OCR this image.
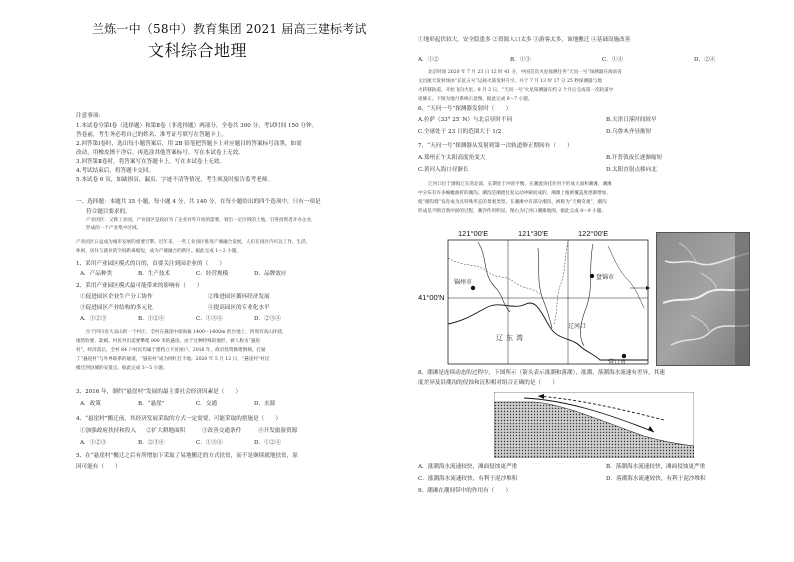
兰炼一中（58中）教育集团 2021 届高三建标考试
文科综合地理
注意事项：
1.本试卷分第Ⅰ卷（选择题）和第Ⅱ卷（非选择题）两部分，全卷共 300 分，考试时间 150 分钟。
答卷前，考生务必将自己的姓名、准考证号填写在答题卡上。
2.回答第Ⅰ卷时，选出每小题答案后，用 2B 铅笔把答题卡上对应题目的答案标号涂黑，如需
改动，用橡皮擦干净后，再选涂其他答案标号。写在本试卷上无效。
3.回答第Ⅱ卷时，将答案写在答题卡上，写在本试卷上无效。
4.考试结束后，将答题卡交回。
5.本试卷 6 页，如缺损页、漏页、字迹不清等情况，考生须及时报告监考老师。
一、选择题：本题共 35 小题，每小题 4 分，共 140 分。在每小题给出的四个选项中，只有一项是
符合题目要求的。
产业园区：又称工业园，产业园区是政府为了企业对外开放的需要，划出一定区域的土地，引进投资者开办企业，
形成的一个产业集中区域。
产业园区日益成为城市发展的重要引擎。近年来，一些工业园区推进产城融合发展，人们在园区内可以工作、生活、
休闲，居住与就业的空间距离缩短，成为产城融合的新区。据此完成 1～2 小题。
1、采用产业园区模式的目的，首要关注到园企业的（　　）
A．产品种类	B．生产技术	C．经营规模	D．品牌效应
2、采用产业园区模式最可能带来的影响有（　　）
①促进园区企业生产分工协作	②推进园区循环经济发展
③促进园区产业结构的多元化	④提高园区的专业化水平
A．①②③	B．①②④	C．①③④	D．②③④
位于四川省大凉山的一个村庄，全村在悬崖中部海拔 1400～1600m 的台地上，四周有高山环绕，
地势险要、陡峭。村民外出需要攀爬 800 米的悬崖。由于这种特殊的地形，被人称为“悬崖
村”，经济落后，全村 84 户村民均属于建档立卡贫困户。2016 年，政府投资修建钢梯，打通
了“悬崖村”与外界联系的通道，“悬崖村”成为网红打卡地。2020 年 5 月 12 日，“悬崖村”村民
搬迁到县城的安置点。据此完成 3～5 小题。
3、2016 年，制约“悬崖村”发展的最主要社会经济因素是（　　）
A．政策	B．“悬崖”	C．交通	D．水源
4、“悬崖村”搬迁前，其经济发展采取的方式一定需要，可能采取的措施是（　　）
①加强政府扶持和投入 ②扩大耕地面积	③改善交通条件	④开发旅游资源
A．①②③	B．②③④	C．①③④	D．①②④
5、在“悬崖村”搬迁之后有所增加下采取了易地搬迁的方式扶贫，而不是继续就地扶贫，原
因可能有（　　）
①地形起伏较大，安全隐患多 ②资源人口太多 ③游客太多，该地搬迁 ④基础设施改善
A．①②	B．①③	C．①④	D．②④
北京时间 2020 年 7 月 23 日 12 时 41 分，中国首次火星探测任务“天问一号”探测器在海南省
文昌航天发射场由“长征五号”运载火箭发射升空。并于 7 月 13 时 17 分 25 秒探测器与地
火转移轨道，开始飞向火星。8 月 2 日，“天问一号”火星探测器在约 2 个月后完成第一次轨道中
途修正。下图为地月系统示意图。据此完成 6～7 小题。
6、“天问一号”探测器发射时（　　）
A.拉萨（33° 25′ N）与北京昼时不同	B.天津日落时间较早
C.全球处于 23 日的范围大于 1/2	D.乌鲁木齐昼渐短
7、“天问一号”探测器从发射到第一次轨道修正期间有（　　）
A.郑州正午太阳高度角变大	B.开普敦夜长逐渐缩短
C.黄河入海口昼渐长	D.太阳直射点移向北
辽河口位于渤海辽东湾北部，长期处于冲淤平衡，在潮流顶托作用下形成大面积潮滩，潮滩
中分布有许多蜿蜒曲折的潮沟。潮沟是潮流往复运动冲刷而成的，潮滩上植被覆盖度逐渐增加，
使“潮沟群”发育成为具特殊形态的景观类型。在潮滩中有部分潮沟、被称为“天赐奇观”，潮沟
形成是不断自然冲淤的过程，潮汐作用明显。图右为辽河口潮滩地图，据此完成 8～9 小题。
121°00′E	121°30′E	122°00′E
41°00′N
锦州市
盘锦市
辽河口
营口市
辽东湾
8、潮滩是连续动态的过程中，下图所示（箭头表示涨潮和落潮），涨潮、落潮海水流速有差异，其速
度差异及沿潮沟的侵蚀和沉积相对组合正确的是（　　）
A．涨潮海水流速较快，滩面侵蚀更严重	B．落潮海水流速较快，滩面侵蚀更严重
C．涨潮海水流速较快，有利于泥沙堆积	D．落潮海水流速较快，有利于泥沙堆积
9、潮滩在潮间带中的作用有（　　）
